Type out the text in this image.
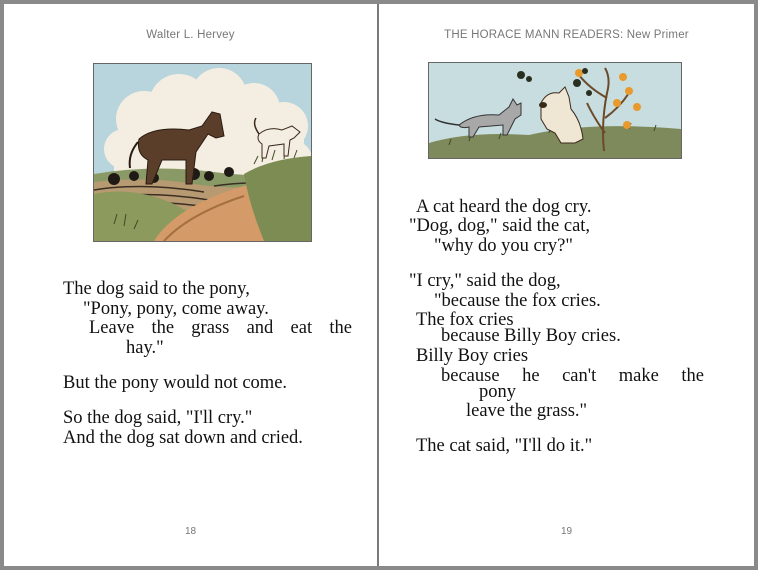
Walter L. Hervey
The dog said to the pony,
"Pony, pony, come away.
Leave the grass and eat the
hay."
But the pony would not come.
So the dog said, "I'll cry."
And the dog sat down and cried.
18
THE HORACE MANN READERS: New Primer
A cat heard the dog cry.
"Dog, dog," said the cat,
"why do you cry?"
"I cry," said the dog,
"because the fox cries.
The fox cries
because Billy Boy cries.
Billy Boy cries
because he can't make the
pony
leave the grass."
The cat said, "I'll do it."
19
